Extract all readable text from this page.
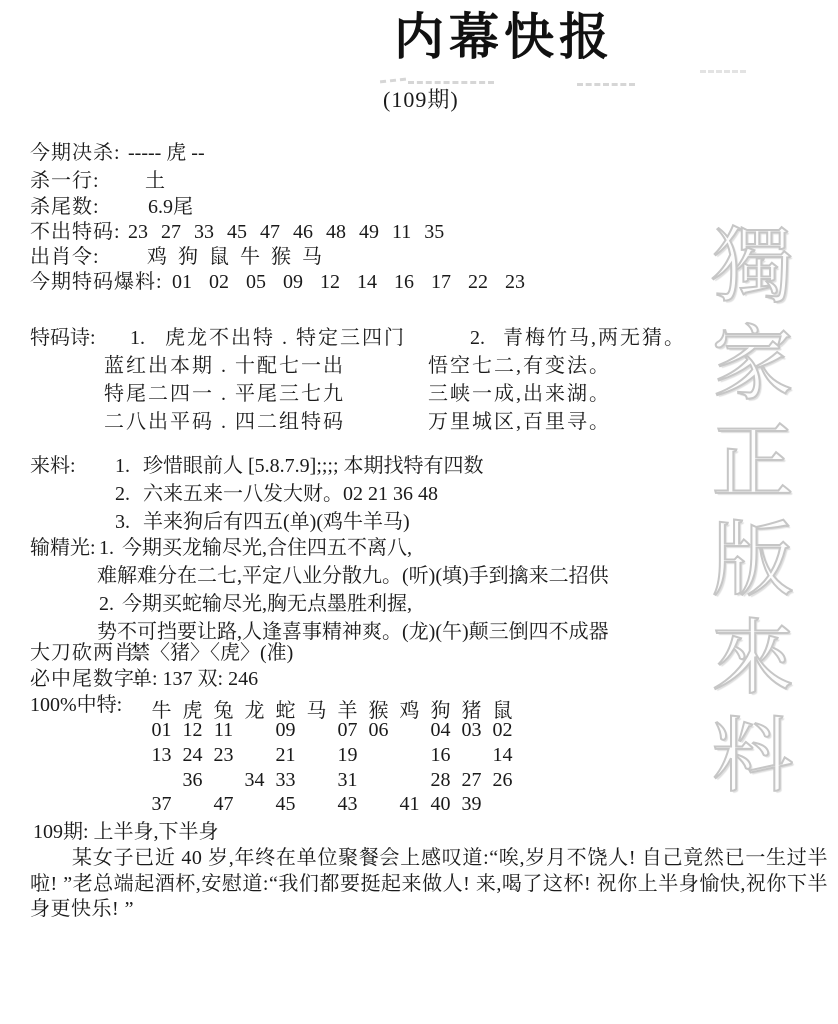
内幕快报
(109期)
獨家正版來料
今期决杀: ----- 虎 --
杀一行: 土
杀尾数: 6.9尾
不出特码: 23 27 33 45 47 46 48 49 11 35
出肖令: 鸡 狗 鼠 牛 猴 马
今期特码爆料: 01 02 05 09 12 14 16 17 22 23
特码诗: 1. 虎龙不出特 . 特定三四门
蓝红出本期 . 十配七一出
特尾二四一 . 平尾三七九
二八出平码 . 四二组特码
2. 青梅竹马,两无猜。
悟空七二,有变法。
三峡一成,出来湖。
万里城区,百里寻。
来料: 1. 珍惜眼前人 [5.8.7.9];;;; 本期找特有四数
2. 六来五来一八发大财。02 21 36 48
3. 羊来狗后有四五(单)(鸡牛羊马)
输精光: 1. 今期买龙输尽光,合住四五不离八,
难解难分在二七,平定八业分散九。(听)(填)手到擒来二招供
2. 今期买蛇输尽光,胸无点墨胜利握,
势不可挡要让路,人逢喜事精神爽。(龙)(午)颠三倒四不成器
大刀砍两肖:
禁〈猪〉〈虎〉(准)
必中尾数字:
单: 137 双: 246
100%中特: 牛 虎 兔 龙 蛇 马 羊 猴 鸡 狗 猪 鼠
01 12 11 09 07 06 04 03 02
13 24 23 21 19	16 14
36 34 33 31	28 27 26
37 47 45 43 41 40 39
109期: 上半身,下半身
某女子已近 40 岁,年终在单位聚餐会上感叹道:“唉,岁月不饶人! 自己竟然已一生过半啦! ”老总端起酒杯,安慰道:“我们都要挺起来做人! 来,喝了这杯! 祝你上半身愉快,祝你下半身更快乐! ”
